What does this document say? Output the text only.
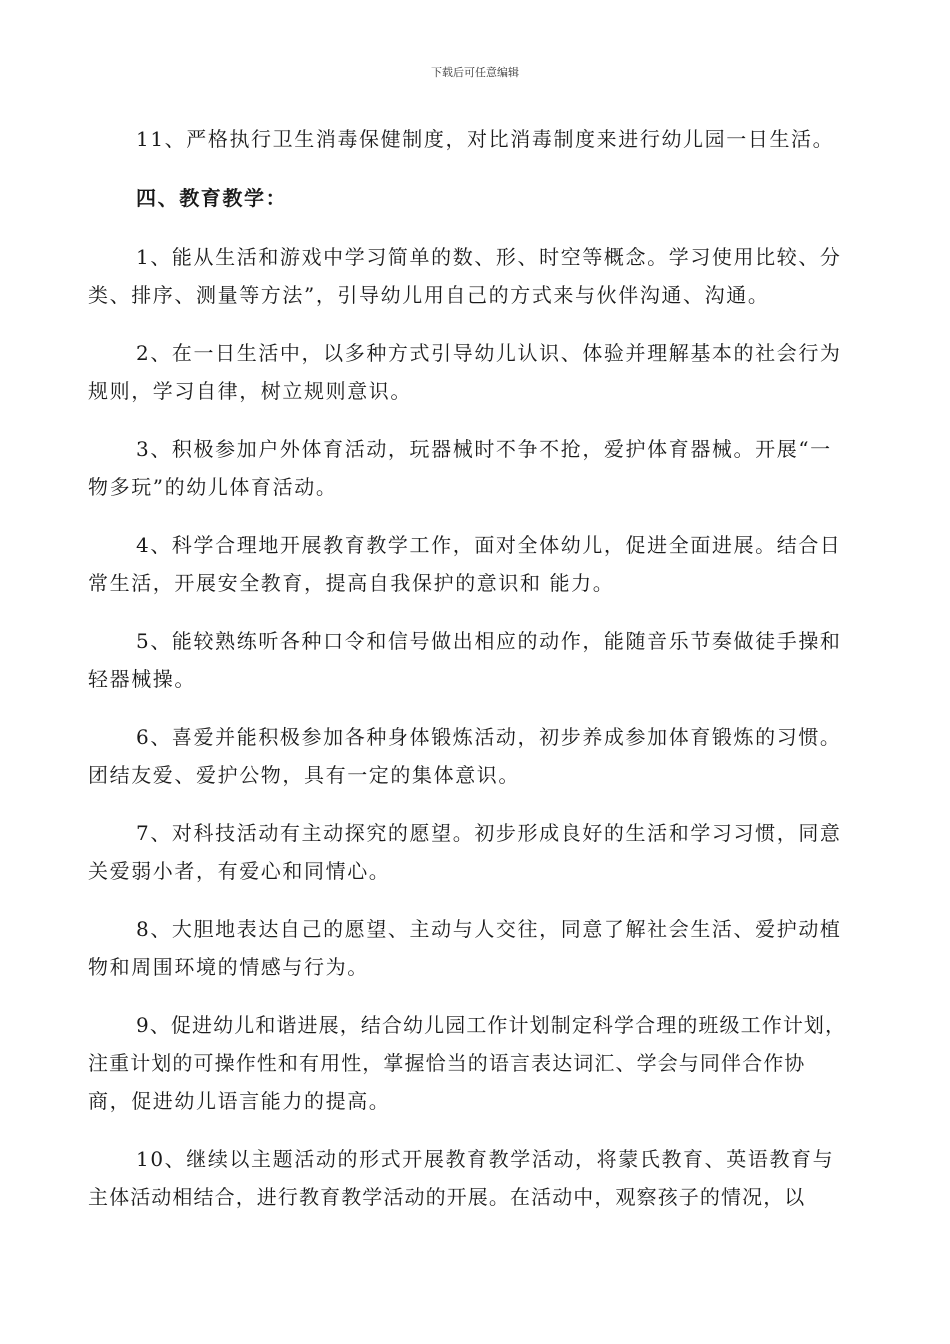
下载后可任意编辑
11、严格执行卫生消毒保健制度，对比消毒制度来进行幼儿园一日生活。
四、教育教学：
1、能从生活和游戏中学习简单的数、形、时空等概念。学习使用比较、分
类、排序、测量等方法”，引导幼儿用自己的方式来与伙伴沟通、沟通。
2、在一日生活中，以多种方式引导幼儿认识、体验并理解基本的社会行为
规则，学习自律，树立规则意识。
3、积极参加户外体育活动，玩器械时不争不抢，爱护体育器械。开展“一
物多玩”的幼儿体育活动。
4、科学合理地开展教育教学工作，面对全体幼儿，促进全面进展。结合日
常生活，开展安全教育，提高自我保护的意识和 能力。
5、能较熟练听各种口令和信号做出相应的动作，能随音乐节奏做徒手操和
轻器械操。
6、喜爱并能积极参加各种身体锻炼活动，初步养成参加体育锻炼的习惯。
团结友爱、爱护公物，具有一定的集体意识。
7、对科技活动有主动探究的愿望。初步形成良好的生活和学习习惯，同意
关爱弱小者，有爱心和同情心。
8、大胆地表达自己的愿望、主动与人交往，同意了解社会生活、爱护动植
物和周围环境的情感与行为。
9、促进幼儿和谐进展，结合幼儿园工作计划制定科学合理的班级工作计划，
注重计划的可操作性和有用性，掌握恰当的语言表达词汇、学会与同伴合作协
商，促进幼儿语言能力的提高。
10、继续以主题活动的形式开展教育教学活动，将蒙氏教育、英语教育与
主体活动相结合，进行教育教学活动的开展。在活动中，观察孩子的情况，以
